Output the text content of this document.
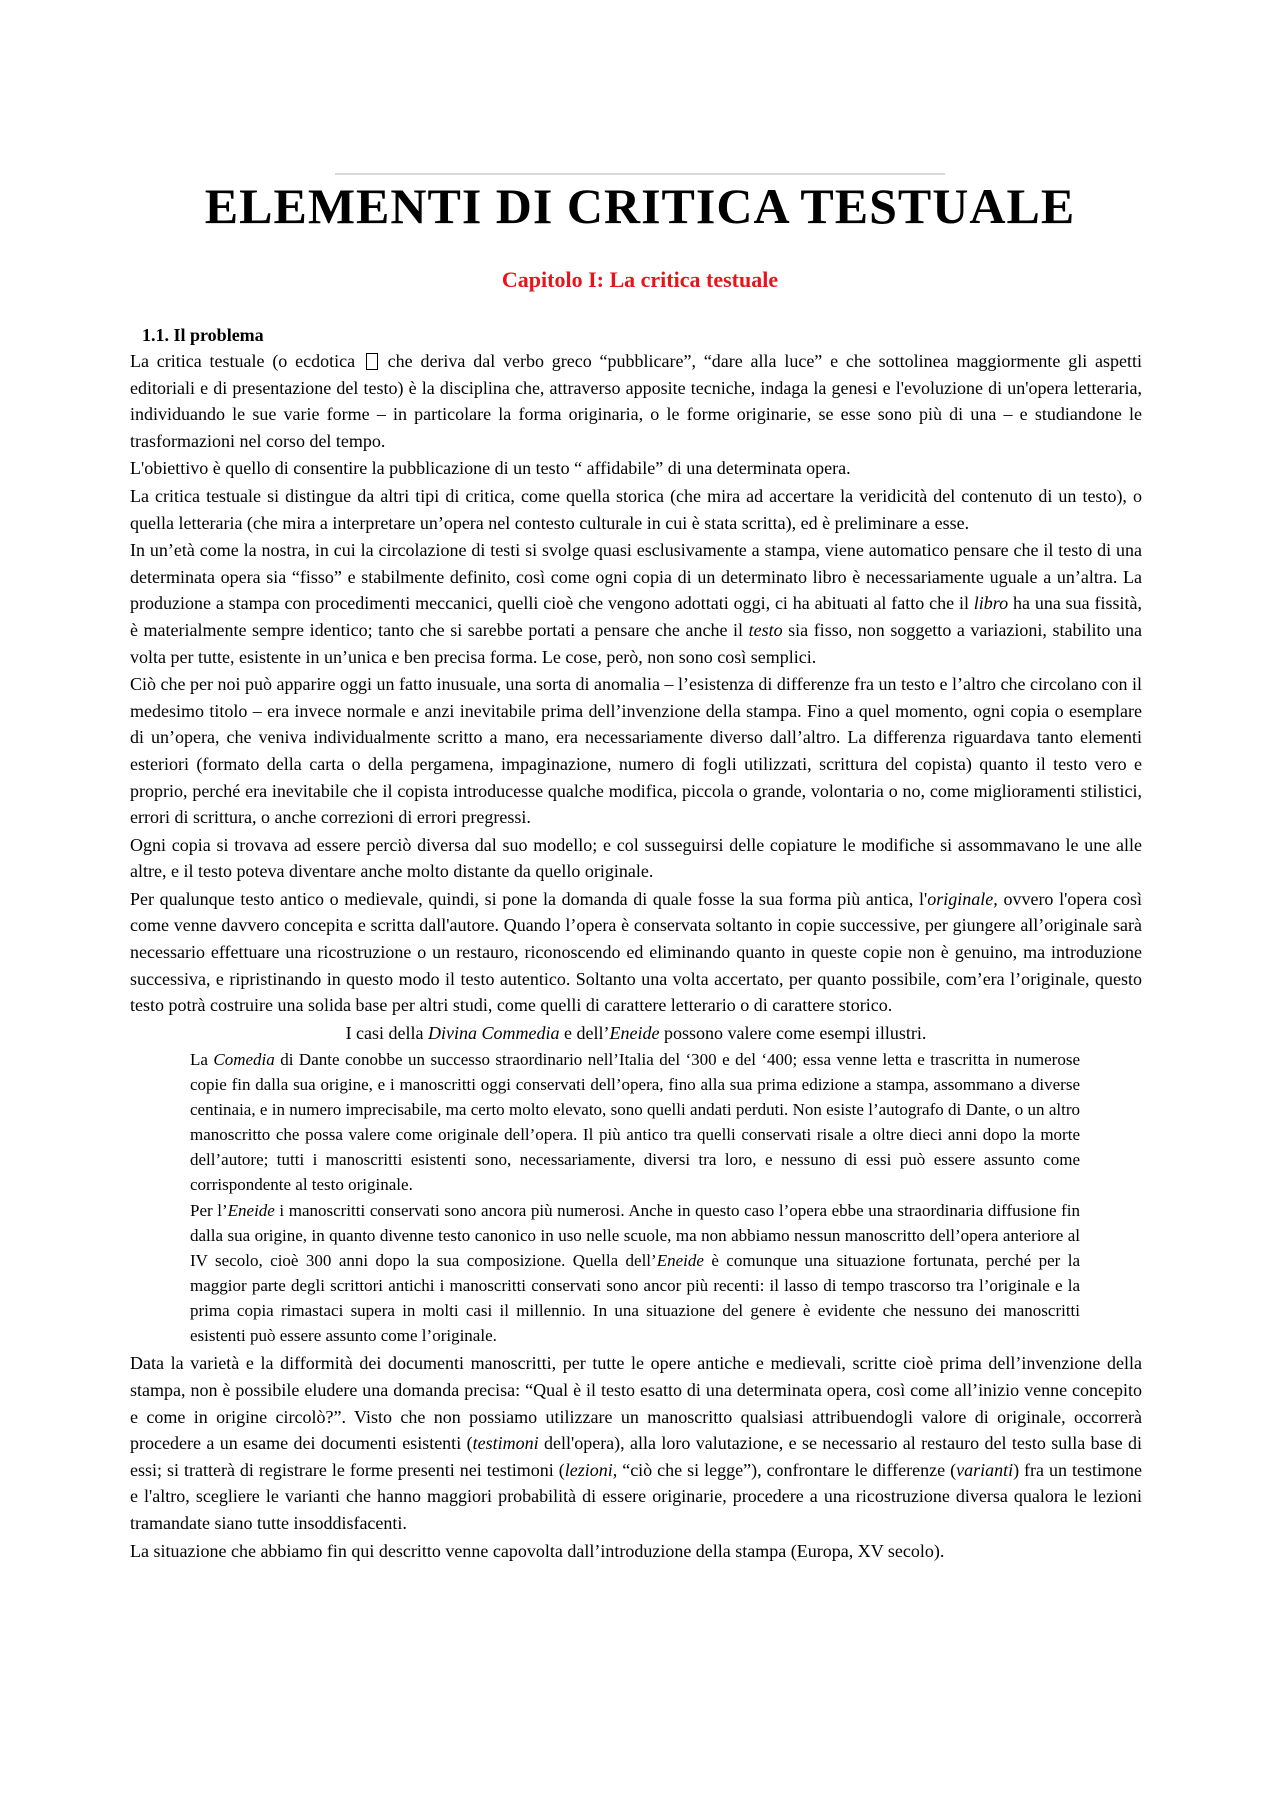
ELEMENTI DI CRITICA TESTUALE
Capitolo I: La critica testuale
1.1. Il problema

La critica testuale (o ecdotica  che deriva dal verbo greco “pubblicare”, “dare alla luce” e che sottolinea maggiormente gli aspetti editoriali e di presentazione del testo) è la disciplina che, attraverso apposite tecniche, indaga la genesi e l'evoluzione di un'opera letteraria, individuando le sue varie forme – in particolare la forma originaria, o le forme originarie, se esse sono più di una – e studiandone le trasformazioni nel corso del tempo.

L'obiettivo è quello di consentire la pubblicazione di un testo “ affidabile” di una determinata opera.

La critica testuale si distingue da altri tipi di critica, come quella storica (che mira ad accertare la veridicità del contenuto di un testo), o quella letteraria (che mira a interpretare un’opera nel contesto culturale in cui è stata scritta), ed è preliminare a esse.

In un’età come la nostra, in cui la circolazione di testi si svolge quasi esclusivamente a stampa, viene automatico pensare che il testo di una determinata opera sia “fisso” e stabilmente definito, così come ogni copia di un determinato libro è necessariamente uguale a un’altra. La produzione a stampa con procedimenti meccanici, quelli cioè che vengono adottati oggi, ci ha abituati al fatto che il libro ha una sua fissità, è materialmente sempre identico; tanto che si sarebbe portati a pensare che anche il testo sia fisso, non soggetto a variazioni, stabilito una volta per tutte, esistente in un’unica e ben precisa forma. Le cose, però, non sono così semplici.

Ciò che per noi può apparire oggi un fatto inusuale, una sorta di anomalia – l’esistenza di differenze fra un testo e l’altro che circolano con il medesimo titolo – era invece normale e anzi inevitabile prima dell’invenzione della stampa. Fino a quel momento, ogni copia o esemplare di un’opera, che veniva individualmente scritto a mano, era necessariamente diverso dall’altro. La differenza riguardava tanto elementi esteriori (formato della carta o della pergamena, impaginazione, numero di fogli utilizzati, scrittura del copista) quanto il testo vero e proprio, perché era inevitabile che il copista introducesse qualche modifica, piccola o grande, volontaria o no, come miglioramenti stilistici, errori di scrittura, o anche correzioni di errori pregressi.

Ogni copia si trovava ad essere perciò diversa dal suo modello; e col susseguirsi delle copiature le modifiche si assommavano le une alle altre, e il testo poteva diventare anche molto distante da quello originale.

Per qualunque testo antico o medievale, quindi, si pone la domanda di quale fosse la sua forma più antica, l'originale, ovvero l'opera così come venne davvero concepita e scritta dall'autore. Quando l’opera è conservata soltanto in copie successive, per giungere all’originale sarà necessario effettuare una ricostruzione o un restauro, riconoscendo ed eliminando quanto in queste copie non è genuino, ma introduzione successiva, e ripristinando in questo modo il testo autentico. Soltanto una volta accertato, per quanto possibile, com’era l’originale, questo testo potrà costruire una solida base per altri studi, come quelli di carattere letterario o di carattere storico.

I casi della Divina Commedia e dell’Eneide possono valere come esempi illustri.

La Comedia di Dante conobbe un successo straordinario nell’Italia del ‘300 e del ‘400; essa venne letta e trascritta in numerose copie fin dalla sua origine, e i manoscritti oggi conservati dell’opera, fino alla sua prima edizione a stampa, assommano a diverse centinaia, e in numero imprecisabile, ma certo molto elevato, sono quelli andati perduti. Non esiste l’autografo di Dante, o un altro manoscritto che possa valere come originale dell’opera. Il più antico tra quelli conservati risale a oltre dieci anni dopo la morte dell’autore; tutti i manoscritti esistenti sono, necessariamente, diversi tra loro, e nessuno di essi può essere assunto come corrispondente al testo originale.

Per l’Eneide i manoscritti conservati sono ancora più numerosi. Anche in questo caso l’opera ebbe una straordinaria diffusione fin dalla sua origine, in quanto divenne testo canonico in uso nelle scuole, ma non abbiamo nessun manoscritto dell’opera anteriore al IV secolo, cioè 300 anni dopo la sua composizione. Quella dell’Eneide è comunque una situazione fortunata, perché per la maggior parte degli scrittori antichi i manoscritti conservati sono ancor più recenti: il lasso di tempo trascorso tra l’originale e la prima copia rimastaci supera in molti casi il millennio. In una situazione del genere è evidente che nessuno dei manoscritti esistenti può essere assunto come l’originale.

Data la varietà e la difformità dei documenti manoscritti, per tutte le opere antiche e medievali, scritte cioè prima dell’invenzione della stampa, non è possibile eludere una domanda precisa: “Qual è il testo esatto di una determinata opera, così come all’inizio venne concepito e come in origine circolò?”. Visto che non possiamo utilizzare un manoscritto qualsiasi attribuendogli valore di originale, occorrerà procedere a un esame dei documenti esistenti (testimoni dell'opera), alla loro valutazione, e se necessario al restauro del testo sulla base di essi; si tratterà di registrare le forme presenti nei testimoni (lezioni, “ciò che si legge”), confrontare le differenze (varianti) fra un testimone e l'altro, scegliere le varianti che hanno maggiori probabilità di essere originarie, procedere a una ricostruzione diversa qualora le lezioni tramandate siano tutte insoddisfacenti.

La situazione che abbiamo fin qui descritto venne capovolta dall’introduzione della stampa (Europa, XV secolo).
